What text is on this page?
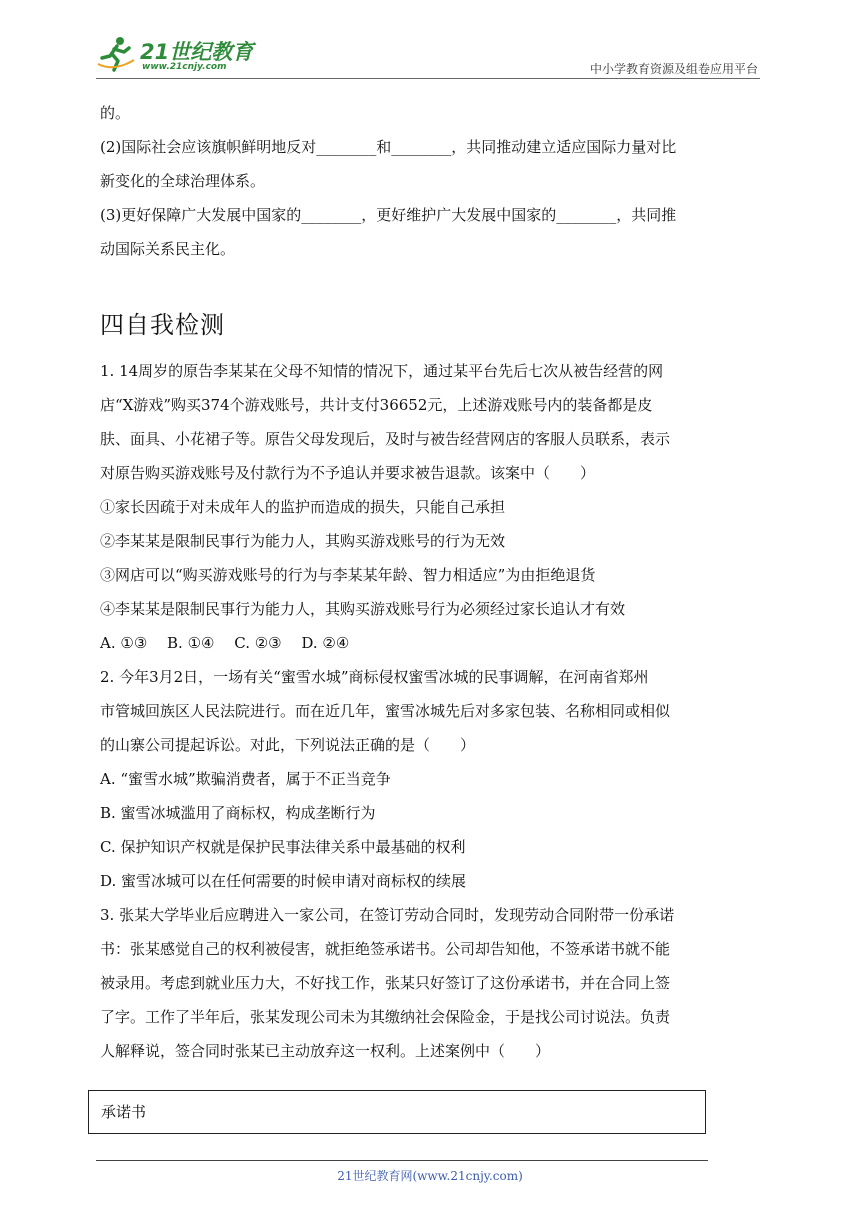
21世纪教育
www.21cnjy.com	中小学教育资源及组卷应用平台

的。

(2)国际社会应该旗帜鲜明地反对________和________，共同推动建立适应国际力量对比

新变化的全球治理体系。

(3)更好保障广大发展中国家的________，更好维护广大发展中国家的________，共同推

动国际关系民主化。

四自我检测

1. 14周岁的原告李某某在父母不知情的情况下，通过某平台先后七次从被告经营的网

店“X游戏”购买374个游戏账号，共计支付36652元，上述游戏账号内的装备都是皮

肤、面具、小花裙子等。原告父母发现后，及时与被告经营网店的客服人员联系，表示

对原告购买游戏账号及付款行为不予追认并要求被告退款。该案中（　　）

①家长因疏于对未成年人的监护而造成的损失，只能自己承担

②李某某是限制民事行为能力人，其购买游戏账号的行为无效

③网店可以“购买游戏账号的行为与李某某年龄、智力相适应”为由拒绝退货

④李某某是限制民事行为能力人，其购买游戏账号行为必须经过家长追认才有效

A. ①③　 B. ①④　 C. ②③　 D. ②④

2. 今年3月2日，一场有关“蜜雪水城”商标侵权蜜雪冰城的民事调解，在河南省郑州

市管城回族区人民法院进行。而在近几年，蜜雪冰城先后对多家包装、名称相同或相似

的山寨公司提起诉讼。对此，下列说法正确的是（　　）

A. “蜜雪水城”欺骗消费者，属于不正当竞争

B. 蜜雪冰城滥用了商标权，构成垄断行为

C. 保护知识产权就是保护民事法律关系中最基础的权利

D. 蜜雪冰城可以在任何需要的时候申请对商标权的续展

3. 张某大学毕业后应聘进入一家公司，在签订劳动合同时，发现劳动合同附带一份承诺

书：张某感觉自己的权利被侵害，就拒绝签承诺书。公司却告知他，不签承诺书就不能

被录用。考虑到就业压力大，不好找工作，张某只好签订了这份承诺书，并在合同上签

了字。工作了半年后，张某发现公司未为其缴纳社会保险金，于是找公司讨说法。负责

人解释说，签合同时张某已主动放弃这一权利。上述案例中（　　）

承诺书
21世纪教育网(www.21cnjy.com)
